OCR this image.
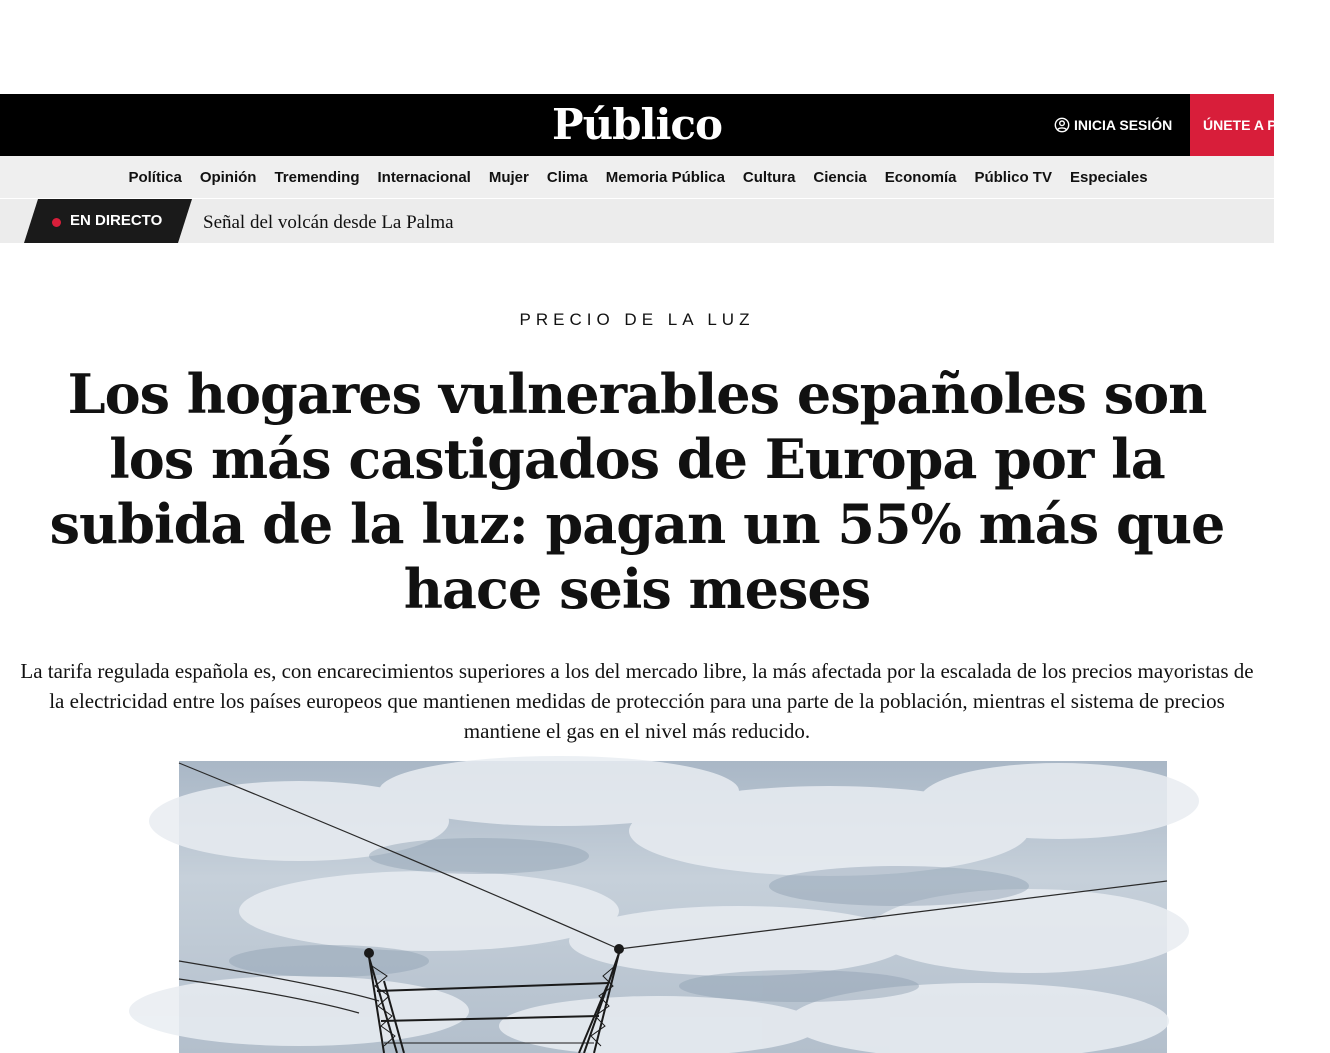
Público	INICIA SESIÓN	ÚNETE A PÚBLICO
Política Opinión Tremending Internacional Mujer Clima Memoria Pública Cultura Ciencia Economía Público TV Especiales
EN DIRECTO Señal del volcán desde La Palma
PRECIO DE LA LUZ
Los hogares vulnerables españoles son los más castigados de Europa por la subida de la luz: pagan un 55% más que hace seis meses

La tarifa regulada española es, con encarecimientos superiores a los del mercado libre, la más afectada por la escalada de los precios mayoristas de la electricidad entre los países europeos que mantienen medidas de protección para una parte de la población, mientras el sistema de precios mantiene el gas en el nivel más reducido.
